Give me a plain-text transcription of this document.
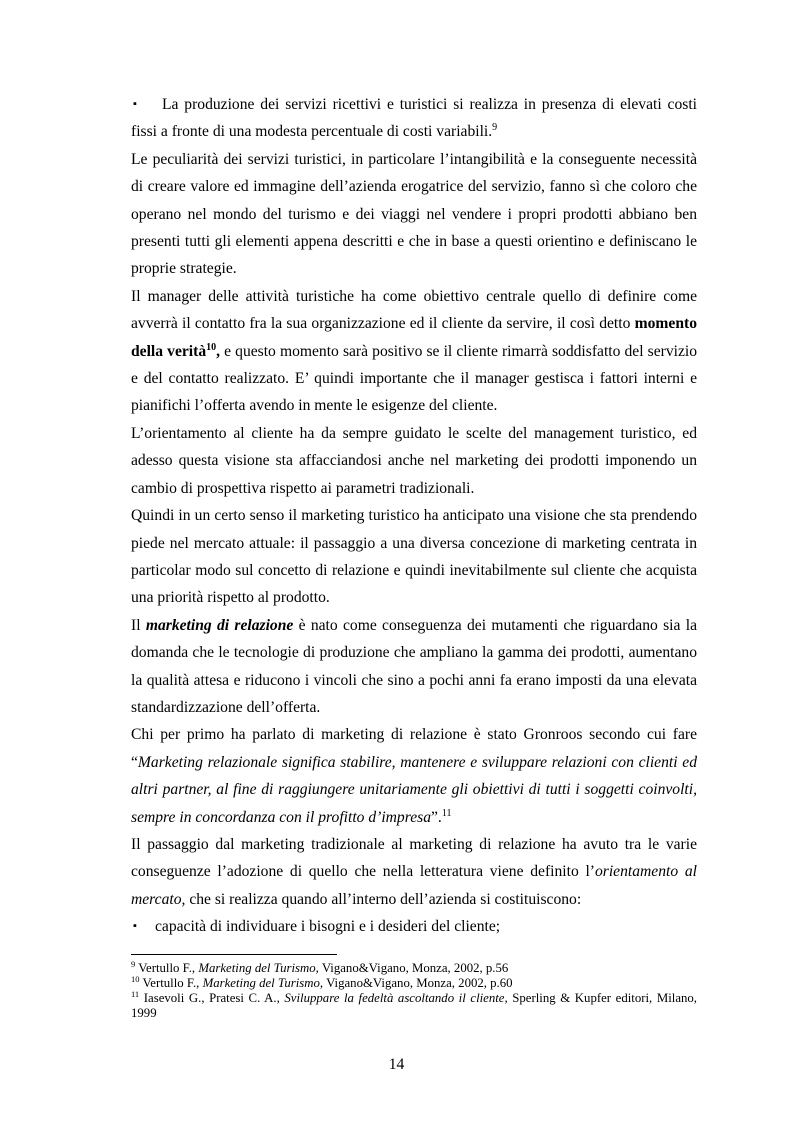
▪ La produzione dei servizi ricettivi e turistici si realizza in presenza di elevati costi fissi a fronte di una modesta percentuale di costi variabili.$^9$

Le peculiarità dei servizi turistici, in particolare l’intangibilità e la conseguente necessità di creare valore ed immagine dell’azienda erogatrice del servizio, fanno sì che coloro che operano nel mondo del turismo e dei viaggi nel vendere i propri prodotti abbiano ben presenti tutti gli elementi appena descritti e che in base a questi orientino e definiscano le proprie strategie.

Il manager delle attività turistiche ha come obiettivo centrale quello di definire come avverrà il contatto fra la sua organizzazione ed il cliente da servire, il così detto momento della verità$^{10}$, e questo momento sarà positivo se il cliente rimarrà soddisfatto del servizio e del contatto realizzato. E’ quindi importante che il manager gestisca i fattori interni e pianifichi l’offerta avendo in mente le esigenze del cliente.

L’orientamento al cliente ha da sempre guidato le scelte del management turistico, ed adesso questa visione sta affacciandosi anche nel marketing dei prodotti imponendo un cambio di prospettiva rispetto ai parametri tradizionali.

Quindi in un certo senso il marketing turistico ha anticipato una visione che sta prendendo piede nel mercato attuale: il passaggio a una diversa concezione di marketing centrata in particolar modo sul concetto di relazione e quindi inevitabilmente sul cliente che acquista una priorità rispetto al prodotto.

Il marketing di relazione è nato come conseguenza dei mutamenti che riguardano sia la domanda che le tecnologie di produzione che ampliano la gamma dei prodotti, aumentano la qualità attesa e riducono i vincoli che sino a pochi anni fa erano imposti da una elevata standardizzazione dell’offerta.

Chi per primo ha parlato di marketing di relazione è stato Gronroos secondo cui fare “Marketing relazionale significa stabilire, mantenere e sviluppare relazioni con clienti ed altri partner, al fine di raggiungere unitariamente gli obiettivi di tutti i soggetti coinvolti, sempre in concordanza con il profitto d’impresa”.$^{11}$

Il passaggio dal marketing tradizionale al marketing di relazione ha avuto tra le varie conseguenze l’adozione di quello che nella letteratura viene definito l’orientamento al mercato, che si realizza quando all’interno dell’azienda si costituiscono:

▪ capacità di individuare i bisogni e i desideri del cliente;

$^9$ Vertullo F., Marketing del Turismo, Vigano&Vigano, Monza, 2002, p.56

$^{10}$ Vertullo F., Marketing del Turismo, Vigano&Vigano, Monza, 2002, p.60

$^{11}$ Iasevoli G., Pratesi C. A., Sviluppare la fedeltà ascoltando il cliente, Sperling & Kupfer editori, Milano, 1999

14
